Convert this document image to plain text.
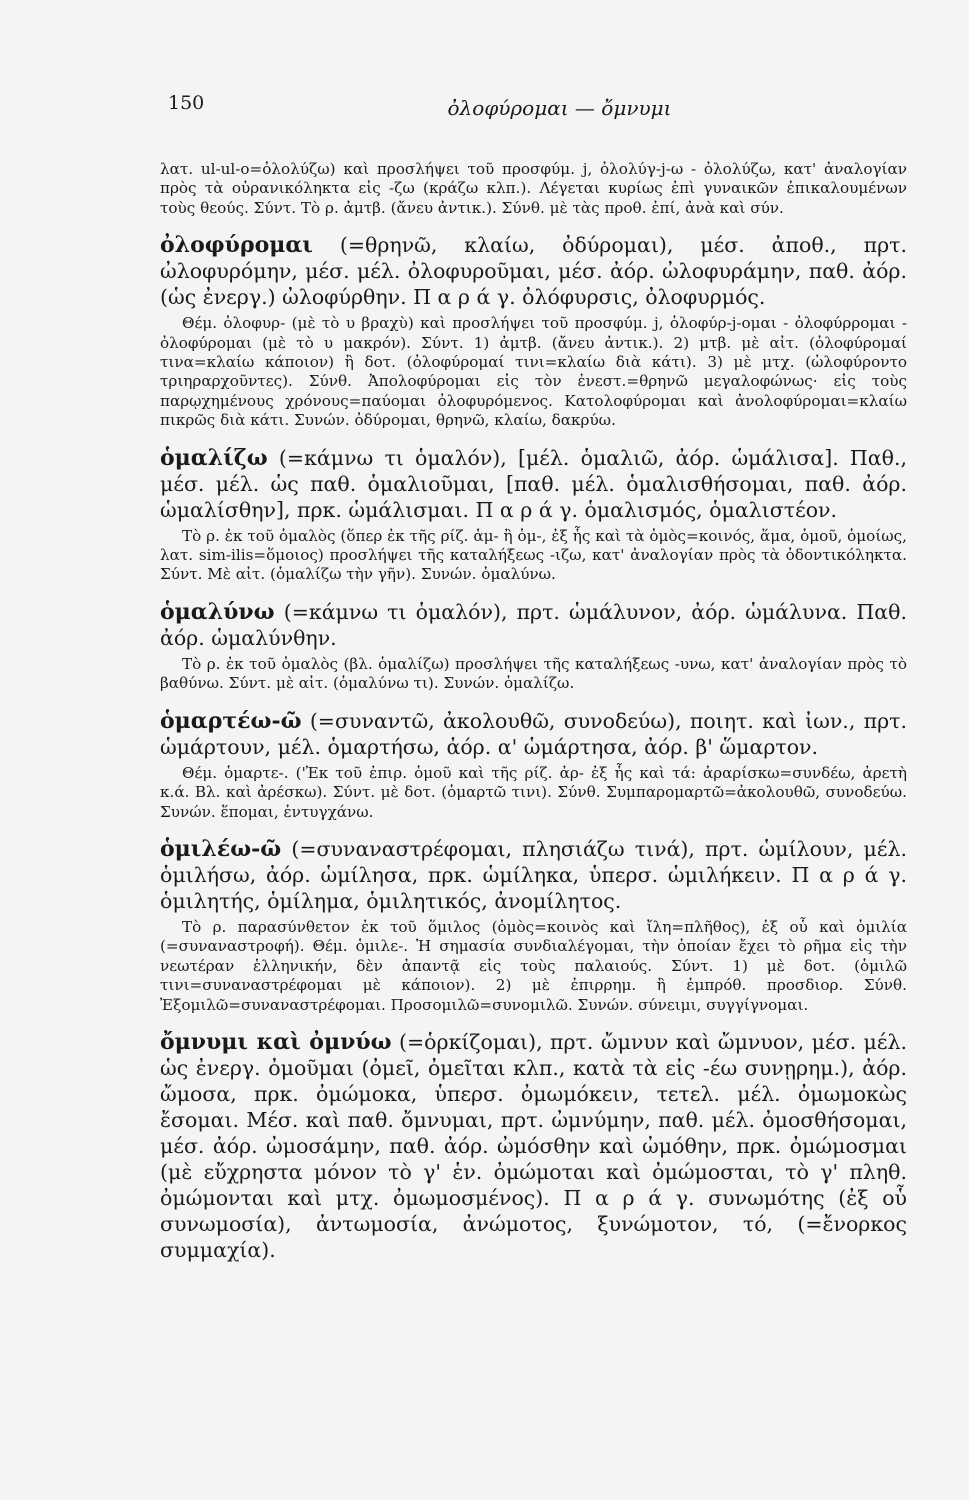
150	ὀλοφύρομαι — ὄμνυμι

λατ. ul-ul-o=ὀλολύζω) καὶ προσλήψει τοῦ προσφύμ. j, ὀλολύγ-j-ω - ὀλολύζω, κατ' ἀναλογίαν πρὸς τὰ οὐρανικόληκτα εἰς -ζω (κράζω κλπ.). Λέγεται κυρίως ἐπὶ γυναικῶν ἐπικαλουμένων τοὺς θεούς. Σύντ. Τὸ ρ. ἀμτβ. (ἄνευ ἀντικ.). Σύνθ. μὲ τὰς προθ. ἐπί, ἀνὰ καὶ σύν.

ὀλοφύρομαι (=θρηνῶ, κλαίω, ὀδύρομαι), μέσ. ἀποθ., πρτ. ὠλοφυρόμην, μέσ. μέλ. ὀλοφυροῦμαι, μέσ. ἀόρ. ὠλοφυράμην, παθ. ἀόρ. (ὡς ἐνεργ.) ὠλοφύρθην. Π α ρ ά γ. ὀλόφυρσις, ὀλοφυρμός.

Θέμ. ὀλοφυρ- (μὲ τὸ υ βραχὺ) καὶ προσλήψει τοῦ προσφύμ. j, ὀλοφύρ-j-ομαι - ὀλοφύρρομαι - ὀλοφύρομαι (μὲ τὸ υ μακρόν). Σύντ. 1) ἀμτβ. (ἄνευ ἀντικ.). 2) μτβ. μὲ αἰτ. (ὀλοφύρομαί τινα=κλαίω κάποιον) ἢ δοτ. (ὀλοφύρομαί τινι=κλαίω διὰ κάτι). 3) μὲ μτχ. (ὠλοφύροντο τριηραρχοῦντες). Σύνθ. Ἀπολοφύρομαι εἰς τὸν ἐνεστ.=θρηνῶ μεγαλοφώνως· εἰς τοὺς παρῳχημένους χρόνους=παύομαι ὀλοφυρόμενος. Κατολοφύρομαι καὶ ἀνολοφύρομαι=κλαίω πικρῶς διὰ κάτι. Συνών. ὀδύρομαι, θρηνῶ, κλαίω, δακρύω.

ὁμαλίζω (=κάμνω τι ὁμαλόν), [μέλ. ὁμαλιῶ, ἀόρ. ὡμάλισα]. Παθ., μέσ. μέλ. ὡς παθ. ὁμαλιοῦμαι, [παθ. μέλ. ὁμαλισθήσομαι, παθ. ἀόρ. ὡμαλίσθην], πρκ. ὡμάλισμαι. Π α ρ ά γ. ὁμαλισμός, ὁμαλιστέον.

Τὸ ρ. ἐκ τοῦ ὁμαλὸς (ὅπερ ἐκ τῆς ρίζ. ἁμ- ἢ ὁμ-, ἐξ ἧς καὶ τὰ ὁμὸς=κοινός, ἅμα, ὁμοῦ, ὁμοίως, λατ. sim-ilis=ὅμοιος) προσλήψει τῆς καταλήξεως -ιζω, κατ' ἀναλογίαν πρὸς τὰ ὀδοντικόληκτα. Σύντ. Μὲ αἰτ. (ὁμαλίζω τὴν γῆν). Συνών. ὁμαλύνω.

ὁμαλύνω (=κάμνω τι ὁμαλόν), πρτ. ὡμάλυνον, ἀόρ. ὡμάλυνα. Παθ. ἀόρ. ὡμαλύνθην.

Τὸ ρ. ἐκ τοῦ ὁμαλὸς (βλ. ὁμαλίζω) προσλήψει τῆς καταλήξεως -υνω, κατ' ἀναλογίαν πρὸς τὸ βαθύνω. Σύντ. μὲ αἰτ. (ὁμαλύνω τι). Συνών. ὁμαλίζω.

ὁμαρτέω-ῶ (=συναντῶ, ἀκολουθῶ, συνοδεύω), ποιητ. καὶ ἰων., πρτ. ὡμάρτουν, μέλ. ὁμαρτήσω, ἀόρ. α' ὡμάρτησα, ἀόρ. β' ὥμαρτον.

Θέμ. ὁμαρτε-. ('Ἐκ τοῦ ἐπιρ. ὁμοῦ καὶ τῆς ρίζ. ἀρ- ἐξ ἧς καὶ τά: ἀραρίσκω=συνδέω, ἀρετὴ κ.ά. Βλ. καὶ ἀρέσκω). Σύντ. μὲ δοτ. (ὁμαρτῶ τινι). Σύνθ. Συμπαρομαρτῶ=ἀκολουθῶ, συνοδεύω. Συνών. ἕπομαι, ἐντυγχάνω.

ὁμιλέω-ῶ (=συναναστρέφομαι, πλησιάζω τινά), πρτ. ὡμίλουν, μέλ. ὁμιλήσω, ἀόρ. ὡμίλησα, πρκ. ὡμίληκα, ὑπερσ. ὡμιλήκειν. Π α ρ ά γ. ὁμιλητής, ὁμίλημα, ὁμιλητικός, ἀνομίλητος.

Τὸ ρ. παρασύνθετον ἐκ τοῦ ὅμιλος (ὁμὸς=κοινὸς καὶ ἴλη=πλῆθος), ἐξ οὗ καὶ ὁμιλία (=συναναστροφή). Θέμ. ὁμιλε-. Ἡ σημασία συνδιαλέγομαι, τὴν ὁποίαν ἔχει τὸ ρῆμα εἰς τὴν νεωτέραν ἑλληνικήν, δὲν ἀπαντᾷ εἰς τοὺς παλαιούς. Σύντ. 1) μὲ δοτ. (ὁμιλῶ τινι=συναναστρέφομαι μὲ κάποιον). 2) μὲ ἐπιρρημ. ἢ ἐμπρόθ. προσδιορ. Σύνθ. Ἐξομιλῶ=συναναστρέφομαι. Προσομιλῶ=συνομιλῶ. Συνών. σύνειμι, συγγίγνομαι.

ὄμνυμι καὶ ὀμνύω (=ὁρκίζομαι), πρτ. ὤμνυν καὶ ὤμνυον, μέσ. μέλ. ὡς ἐνεργ. ὀμοῦμαι (ὀμεῖ, ὀμεῖται κλπ., κατὰ τὰ εἰς -έω συνῃρημ.), ἀόρ. ὤμοσα, πρκ. ὀμώμοκα, ὑπερσ. ὀμωμόκειν, τετελ. μέλ. ὀμωμοκὼς ἔσομαι. Μέσ. καὶ παθ. ὄμνυμαι, πρτ. ὠμνύμην, παθ. μέλ. ὀμοσθήσομαι, μέσ. ἀόρ. ὠμοσάμην, παθ. ἀόρ. ὠμόσθην καὶ ὠμόθην, πρκ. ὀμώμοσμαι (μὲ εὔχρηστα μόνον τὸ γ' ἑν. ὀμώμοται καὶ ὀμώμοσται, τὸ γ' πληθ. ὀμώμονται καὶ μτχ. ὀμωμοσμένος). Π α ρ ά γ. συνωμότης (ἐξ οὗ συνωμοσία), ἀντωμοσία, ἀνώμοτος, ξυνώμοτον, τό, (=ἔνορκος συμμαχία).
